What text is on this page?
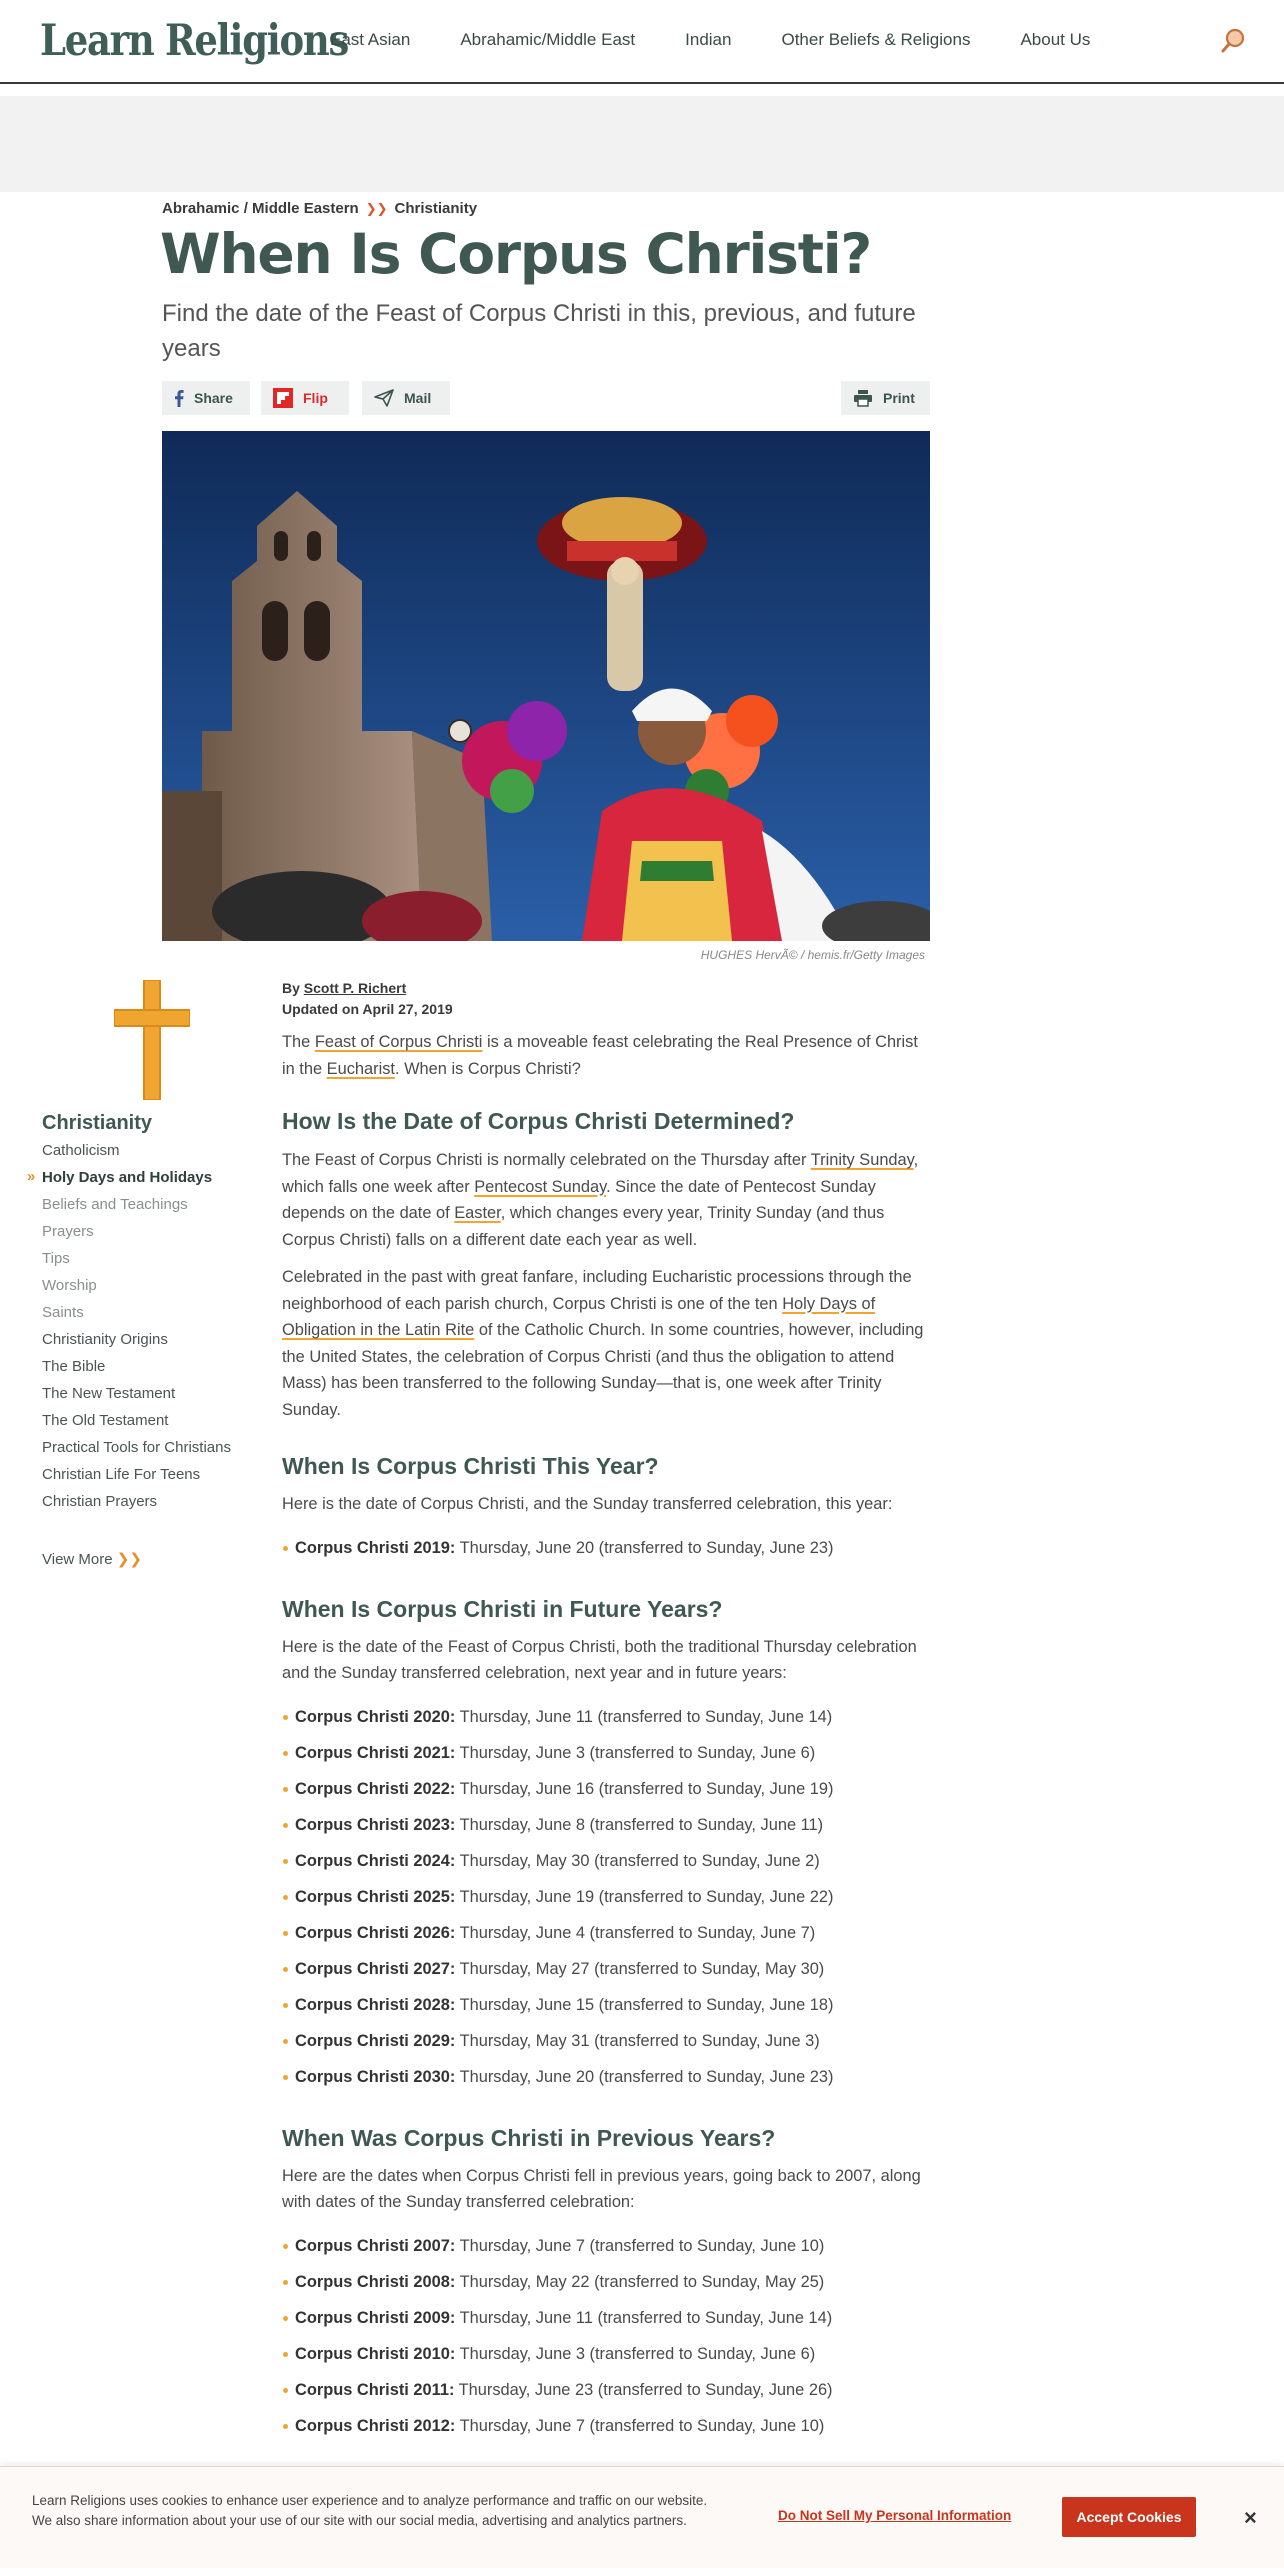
Learn Religions
East Asian	Abrahamic/Middle East	Indian	Other Beliefs & Religions	About Us
Abrahamic / Middle Eastern ❯❯ Christianity
When Is Corpus Christi?
Find the date of the Feast of Corpus Christi in this, previous, and future years
Share	Flip	Mail	Print
HUGHES HervÃ© / hemis.fr/Getty Images
Christianity
Catholicism
» Holy Days and Holidays
Beliefs and Teachings
Prayers
Tips
Worship
Saints
Christianity Origins
The Bible
The New Testament
The Old Testament
Practical Tools for Christians
Christian Life For Teens
Christian Prayers
View More ❯❯
By Scott P. Richert
Updated on April 27, 2019

The Feast of Corpus Christi is a moveable feast celebrating the Real Presence of Christ in the Eucharist. When is Corpus Christi?

How Is the Date of Corpus Christi Determined?

The Feast of Corpus Christi is normally celebrated on the Thursday after Trinity Sunday, which falls one week after Pentecost Sunday. Since the date of Pentecost Sunday depends on the date of Easter, which changes every year, Trinity Sunday (and thus Corpus Christi) falls on a different date each year as well.

Celebrated in the past with great fanfare, including Eucharistic processions through the neighborhood of each parish church, Corpus Christi is one of the ten Holy Days of Obligation in the Latin Rite of the Catholic Church. In some countries, however, including the United States, the celebration of Corpus Christi (and thus the obligation to attend Mass) has been transferred to the following Sunday—that is, one week after Trinity Sunday.

When Is Corpus Christi This Year?

Here is the date of Corpus Christi, and the Sunday transferred celebration, this year:

Corpus Christi 2019: Thursday, June 20 (transferred to Sunday, June 23)
When Is Corpus Christi in Future Years?

Here is the date of the Feast of Corpus Christi, both the traditional Thursday celebration and the Sunday transferred celebration, next year and in future years:

Corpus Christi 2020: Thursday, June 11 (transferred to Sunday, June 14)
Corpus Christi 2021: Thursday, June 3 (transferred to Sunday, June 6)
Corpus Christi 2022: Thursday, June 16 (transferred to Sunday, June 19)
Corpus Christi 2023: Thursday, June 8 (transferred to Sunday, June 11)
Corpus Christi 2024: Thursday, May 30 (transferred to Sunday, June 2)
Corpus Christi 2025: Thursday, June 19 (transferred to Sunday, June 22)
Corpus Christi 2026: Thursday, June 4 (transferred to Sunday, June 7)
Corpus Christi 2027: Thursday, May 27 (transferred to Sunday, May 30)
Corpus Christi 2028: Thursday, June 15 (transferred to Sunday, June 18)
Corpus Christi 2029: Thursday, May 31 (transferred to Sunday, June 3)
Corpus Christi 2030: Thursday, June 20 (transferred to Sunday, June 23)
When Was Corpus Christi in Previous Years?

Here are the dates when Corpus Christi fell in previous years, going back to 2007, along with dates of the Sunday transferred celebration:

Corpus Christi 2007: Thursday, June 7 (transferred to Sunday, June 10)
Corpus Christi 2008: Thursday, May 22 (transferred to Sunday, May 25)
Corpus Christi 2009: Thursday, June 11 (transferred to Sunday, June 14)
Corpus Christi 2010: Thursday, June 3 (transferred to Sunday, June 6)
Corpus Christi 2011: Thursday, June 23 (transferred to Sunday, June 26)
Corpus Christi 2012: Thursday, June 7 (transferred to Sunday, June 10)
Learn Religions uses cookies to enhance user experience and to analyze performance and traffic on our website. We also share information about your use of our site with our social media, advertising and analytics partners.	Do Not Sell My Personal Information	Accept Cookies	×
